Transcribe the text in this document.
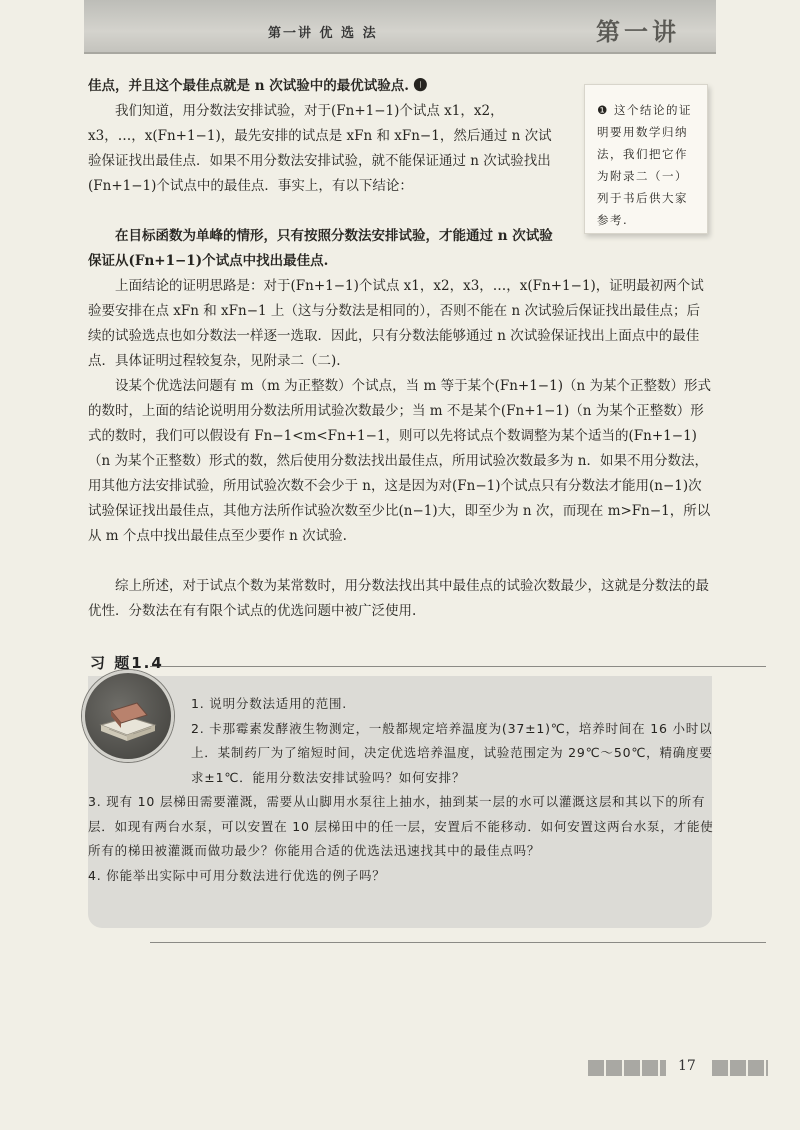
第一讲 优 选 法	第一讲

佳点，并且这个最佳点就是 n 次试验中的最优试验点. ❶

我们知道，用分数法安排试验，对于(Fn+1−1)个试点 x1，x2，x3，…，x(Fn+1−1)，最先安排的试点是 xFn 和 xFn−1，然后通过 n 次试验保证找出最佳点．如果不用分数法安排试验，就不能保证通过 n 次试验找出(Fn+1−1)个试点中的最佳点．事实上，有以下结论：

在目标函数为单峰的情形，只有按照分数法安排试验，才能通过 n 次试验保证从(Fn+1−1)个试点中找出最佳点.

上面结论的证明思路是：对于(Fn+1−1)个试点 x1，x2，x3，…，x(Fn+1−1)，证明最初两个试验要安排在点 xFn 和 xFn−1 上（这与分数法是相同的），否则不能在 n 次试验后保证找出最佳点；后续的试验选点也如分数法一样逐一选取．因此，只有分数法能够通过 n 次试验保证找出上面点中的最佳点．具体证明过程较复杂，见附录二（二).

设某个优选法问题有 m（m 为正整数）个试点，当 m 等于某个(Fn+1−1)（n 为某个正整数）形式的数时，上面的结论说明用分数法所用试验次数最少；当 m 不是某个(Fn+1−1)（n 为某个正整数）形式的数时，我们可以假设有 Fn−1<m<Fn+1−1，则可以先将试点个数调整为某个适当的(Fn+1−1)（n 为某个正整数）形式的数，然后使用分数法找出最佳点，所用试验次数最多为 n．如果不用分数法，用其他方法安排试验，所用试验次数不会少于 n，这是因为对(Fn−1)个试点只有分数法才能用(n−1)次试验保证找出最佳点，其他方法所作试验次数至少比(n−1)大，即至少为 n 次，而现在 m>Fn−1，所以从 m 个点中找出最佳点至少要作 n 次试验.

综上所述，对于试点个数为某常数时，用分数法找出其中最佳点的试验次数最少，这就是分数法的最优性．分数法在有有限个试点的优选问题中被广泛使用.

❶ 这个结论的证明要用数学归纳法，我们把它作为附录二（一）列于书后供大家参考.
习 题1.4

1. 说明分数法适用的范围.

2. 卡那霉素发酵液生物测定，一般都规定培养温度为(37±1)℃，培养时间在 16 小时以上．某制药厂为了缩短时间，决定优选培养温度，试验范围定为 29℃～50℃，精确度要求±1℃．能用分数法安排试验吗？如何安排？

3. 现有 10 层梯田需要灌溉，需要从山脚用水泵往上抽水，抽到某一层的水可以灌溉这层和其以下的所有层．如现有两台水泵，可以安置在 10 层梯田中的任一层，安置后不能移动．如何安置这两台水泵，才能使所有的梯田被灌溉而做功最少？你能用合适的优选法迅速找其中的最佳点吗？

4. 你能举出实际中可用分数法进行优选的例子吗？

17
